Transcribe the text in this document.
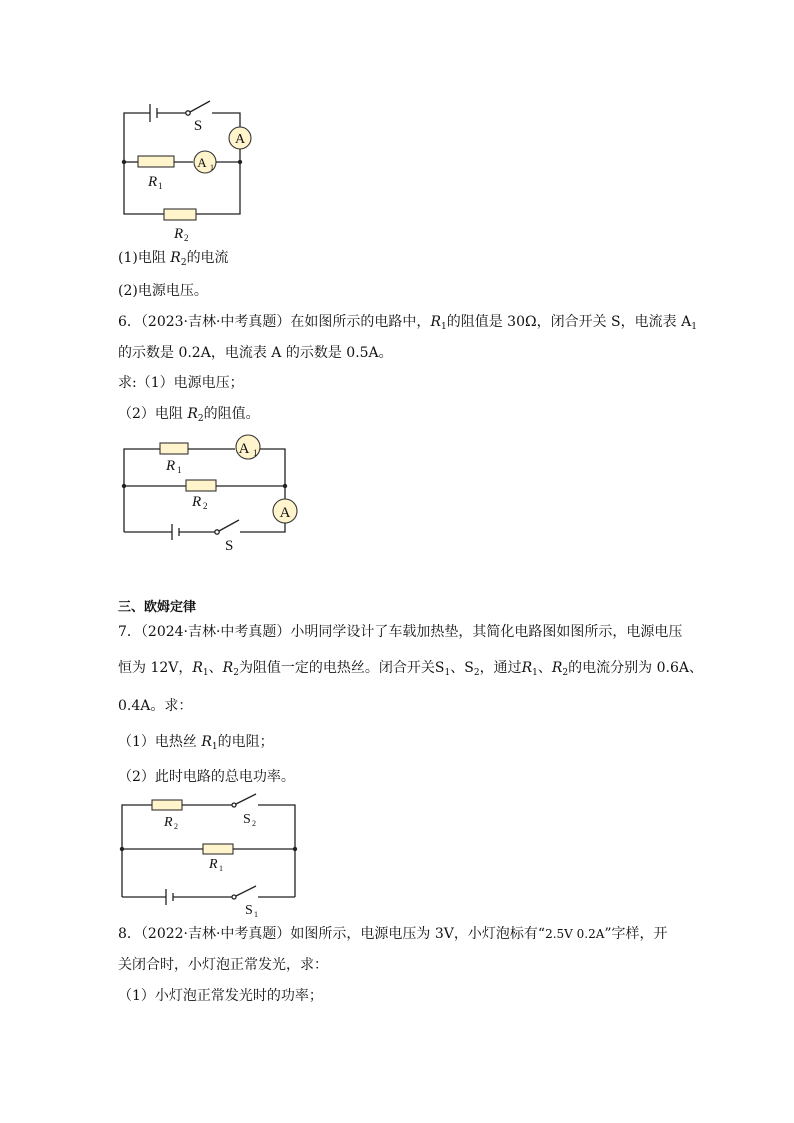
A
S
A 1
R 1
R 2
(1)电阻 $R_2$的电流
(2)电源电压。
6．（2023·吉林·中考真题）在如图所示的电路中，$R_1$的阻值是 30Ω，闭合开关 S，电流表 $A_1$
的示数是 0.2A，电流表 A 的示数是 0.5A。
求:（1）电源电压；
（2）电阻 $R_2$的阻值。
A 1
R 1
R 2	A
S
三、欧姆定律
7．（2024·吉林·中考真题）小明同学设计了车载加热垫，其简化电路图如图所示，电源电压
恒为 12V，$R_1$、$R_2$为阻值一定的电热丝。闭合开关$S_1$、$S_2$，通过$R_1$、$R_2$的电流分别为 0.6A、
0.4A。求：
（1）电热丝 $R_1$的电阻；
（2）此时电路的总电功率。
R 2	S 2
R 1
S 1
8．（2022·吉林·中考真题）如图所示，电源电压为 3V，小灯泡标有“2.5V 0.2A”字样，开
关闭合时，小灯泡正常发光，求：
（1）小灯泡正常发光时的功率；
